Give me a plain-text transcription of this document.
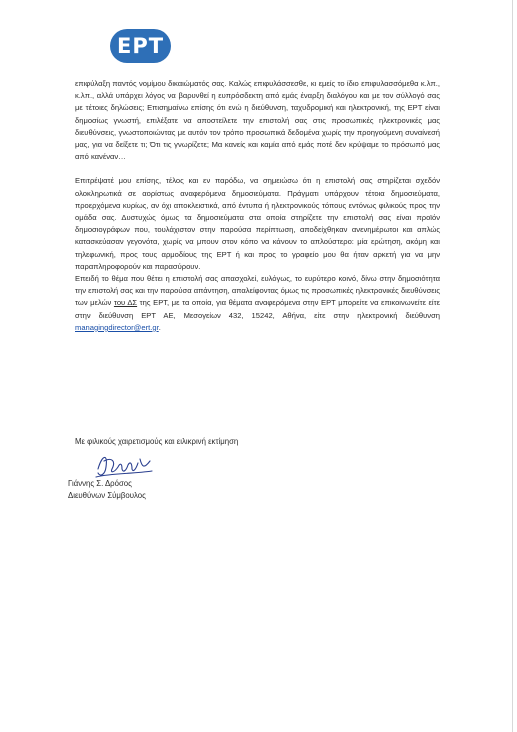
ΕΡΤ

επιφύλαξη παντός νομίμου δικαιώματός σας. Καλώς επιφυλάσσεσθε, κι εμείς το ίδιο επιφυλασσόμεθα κ.λπ., κ.λπ., αλλά υπάρχει λόγος να βαρυνθεί η ευπρόσδεκτη από εμάς έναρξη διαλόγου και με τον σύλλογό σας με τέτοιες δηλώσεις; Επισημαίνω επίσης ότι ενώ η διεύθυνση, ταχυδρομική και ηλεκτρονική, της ΕΡΤ είναι δημοσίως γνωστή, επιλέξατε να αποστείλετε την επιστολή σας στις προσωπικές ηλεκτρονικές μας διευθύνσεις, γνωστοποιώντας με αυτόν τον τρόπο προσωπικά δεδομένα χωρίς την προηγούμενη συναίνεσή μας, για να δείξετε τι; Ότι τις γνωρίζετε; Μα κανείς και καμία από εμάς ποτέ δεν κρύψαμε το πρόσωπό μας από κανέναν…

Επιτρέψατέ μου επίσης, τέλος και εν παρόδω, να σημειώσω ότι η επιστολή σας στηρίζεται σχεδόν ολοκληρωτικά σε αορίστως αναφερόμενα δημοσιεύματα. Πράγματι υπάρχουν τέτοια δημοσιεύματα, προερχόμενα κυρίως, αν όχι αποκλειστικά, από έντυπα ή ηλεκτρονικούς τόπους εντόνως φιλικούς προς την ομάδα σας. Δυστυχώς όμως τα δημοσιεύματα στα οποία στηρίζετε την επιστολή σας είναι προϊόν δημοσιογράφων που, τουλάχιστον στην παρούσα περίπτωση, αποδείχθηκαν ανενημέρωτοι και απλώς κατασκεύασαν γεγονότα, χωρίς να μπουν στον κόπο να κάνουν το απλούστερο: μία ερώτηση, ακόμη και τηλεφωνική, προς τους αρμοδίους της ΕΡΤ ή και προς το γραφείο μου θα ήταν αρκετή για να μην παραπληροφορούν και παρασύρουν.

Επειδή το θέμα που θέτει η επιστολή σας απασχολεί, ευλόγως, το ευρύτερο κοινό, δίνω στην δημοσιότητα την επιστολή σας και την παρούσα απάντηση, απαλείφοντας όμως τις προσωπικές ηλεκτρονικές διευθύνσεις των μελών του ΔΣ της ΕΡΤ, με τα οποία, για θέματα αναφερόμενα στην ΕΡΤ μπορείτε να επικοινωνείτε είτε στην διεύθυνση ΕΡΤ ΑΕ, Μεσογείων 432, 15242, Αθήνα, είτε στην ηλεκτρονική διεύθυνση managingdirector@ert.gr.

Με φιλικούς χαιρετισμούς και ειλικρινή εκτίμηση
Γιάννης Σ. Δρόσος
Διευθύνων Σύμβουλος
